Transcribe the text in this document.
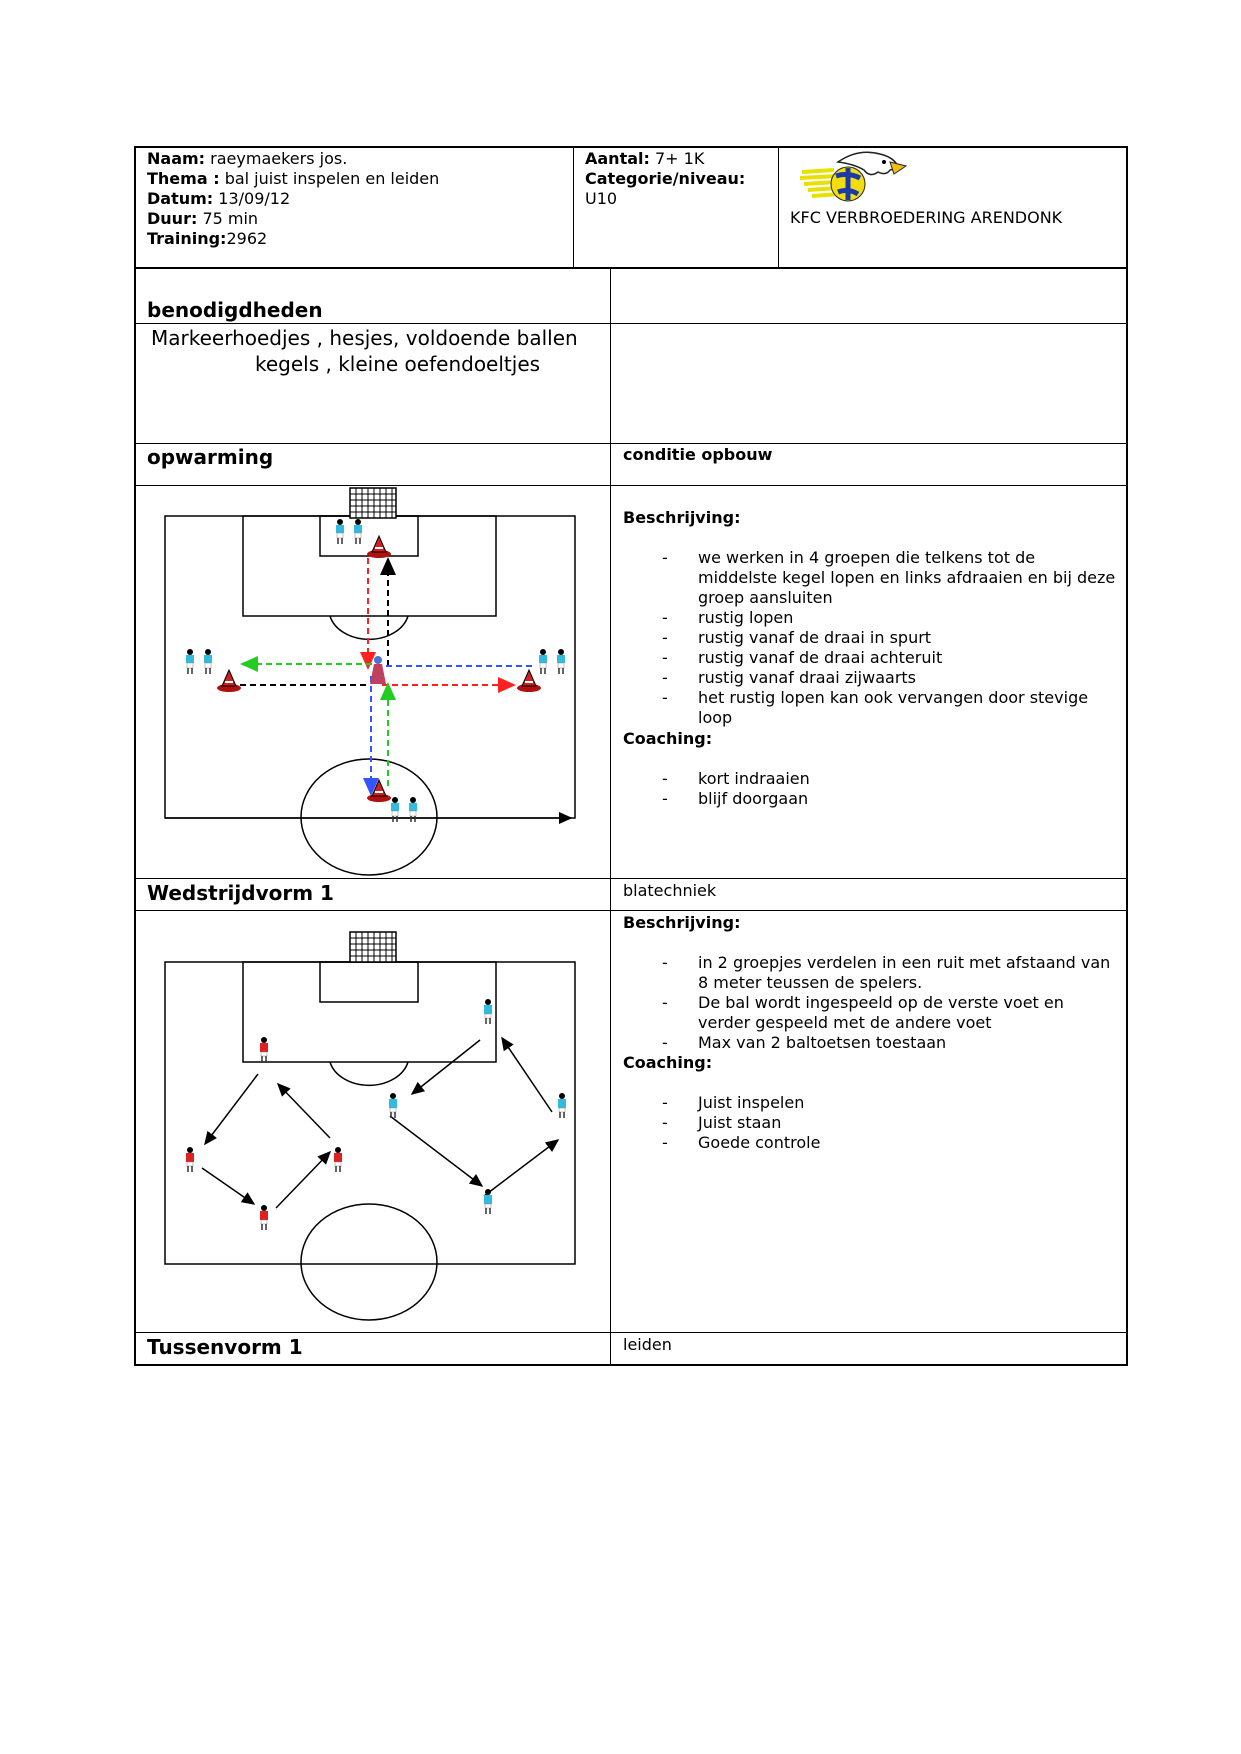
Naam: raeymaekers jos.
Thema : bal juist inspelen en leiden
Datum: 13/09/12
Duur: 75 min
Training:2962
Aantal: 7+ 1K
Categorie/niveau:
U10
KFC VERBROEDERING ARENDONK
benodigdheden
Markeerhoedjes , hesjes, voldoende ballen
kegels , kleine oefendoeltjes
opwarming	conditie opbouw
Beschrijving:
- we werken in 4 groepen die telkens tot de middelste kegel lopen en links afdraaien en bij deze groep aansluiten
- rustig lopen
- rustig vanaf de draai in spurt
- rustig vanaf de draai achteruit
- rustig vanaf draai zijwaarts
- het rustig lopen kan ook vervangen door stevige loop
Coaching:
- kort indraaien
- blijf doorgaan
Wedstrijdvorm 1	blatechniek
Beschrijving:
- in 2 groepjes verdelen in een ruit met afstaand van 8 meter teussen de spelers.
- De bal wordt ingespeeld op de verste voet en verder gespeeld met de andere voet
- Max van 2 baltoetsen toestaan
Coaching:
- Juist inspelen
- Juist staan
- Goede controle
Tussenvorm 1	leiden
